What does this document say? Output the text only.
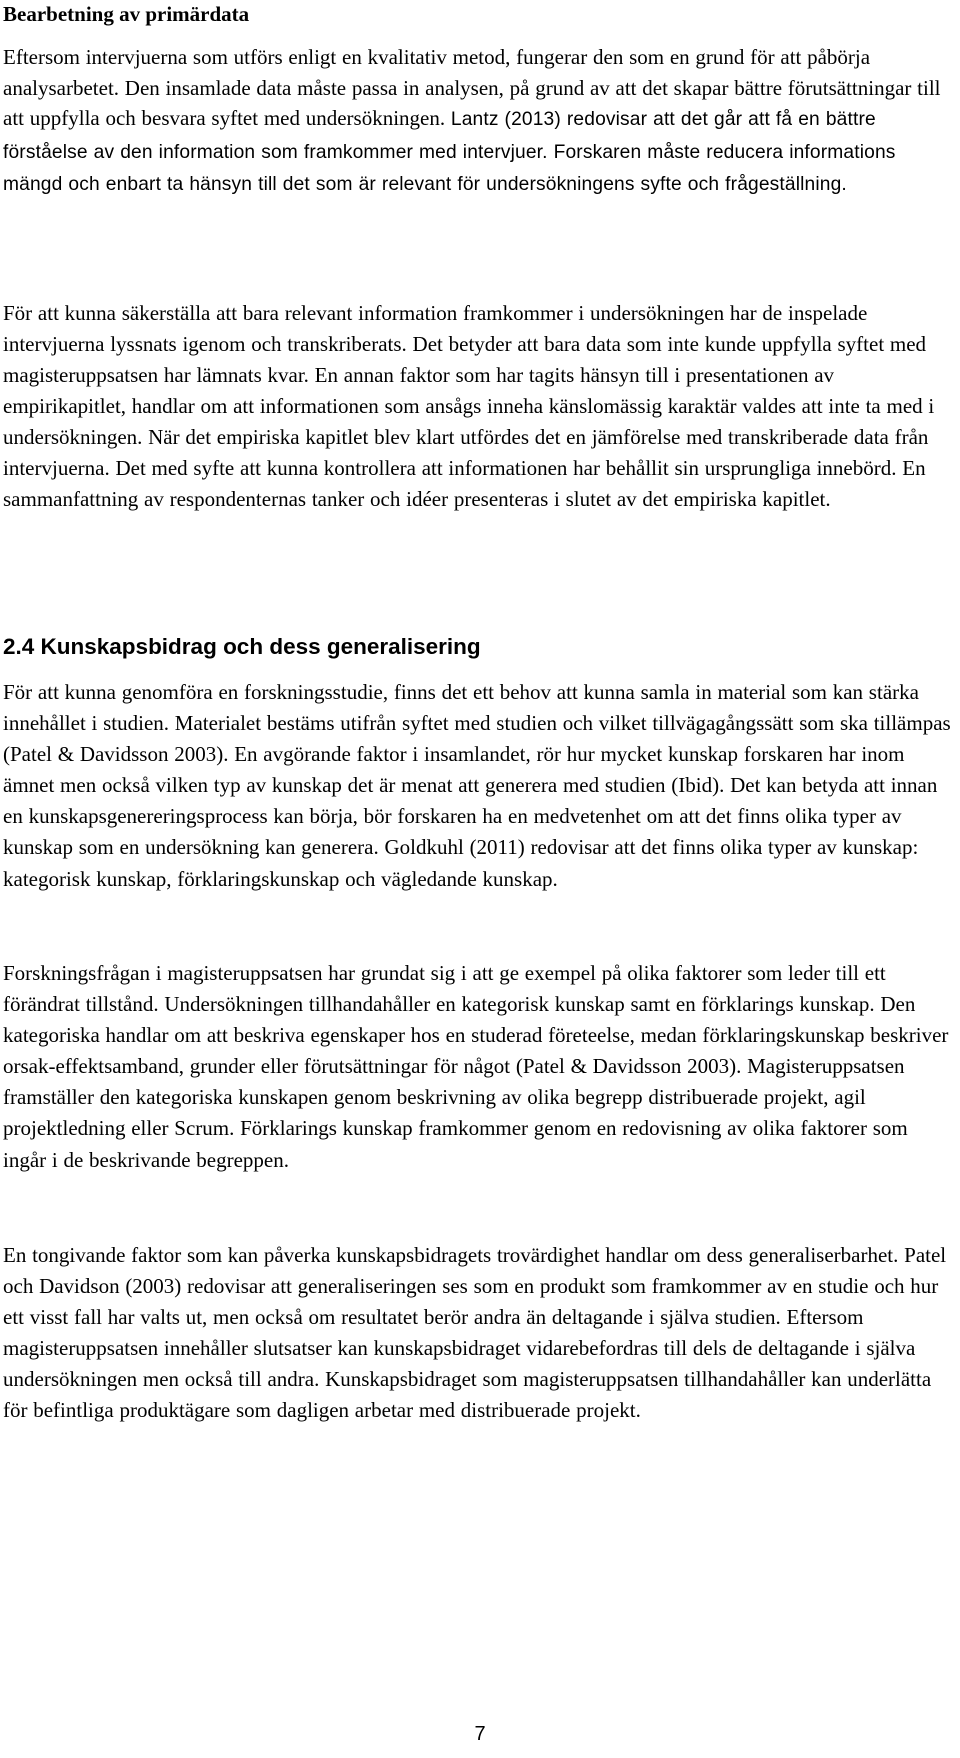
Bearbetning av primärdata

Eftersom intervjuerna som utförs enligt en kvalitativ metod, fungerar den som en grund för att påbörja analysarbetet. Den insamlade data måste passa in analysen, på grund av att det skapar bättre förutsättningar till att uppfylla och besvara syftet med undersökningen. Lantz (2013) redovisar att det går att få en bättre förståelse av den information som framkommer med intervjuer. Forskaren måste reducera informations mängd och enbart ta hänsyn till det som är relevant för undersökningens syfte och frågeställning.

För att kunna säkerställa att bara relevant information framkommer i undersökningen har de inspelade intervjuerna lyssnats igenom och transkriberats. Det betyder att bara data som inte kunde uppfylla syftet med magisteruppsatsen har lämnats kvar. En annan faktor som har tagits hänsyn till i presentationen av empirikapitlet, handlar om att informationen som ansågs inneha känslomässig karaktär valdes att inte ta med i undersökningen. När det empiriska kapitlet blev klart utfördes det en jämförelse med transkriberade data från intervjuerna. Det med syfte att kunna kontrollera att informationen har behållit sin ursprungliga innebörd. En sammanfattning av respondenternas tanker och idéer presenteras i slutet av det empiriska kapitlet.

2.4 Kunskapsbidrag och dess generalisering

För att kunna genomföra en forskningsstudie, finns det ett behov att kunna samla in material som kan stärka innehållet i studien. Materialet bestäms utifrån syftet med studien och vilket tillvägagångssätt som ska tillämpas (Patel & Davidsson 2003). En avgörande faktor i insamlandet, rör hur mycket kunskap forskaren har inom ämnet men också vilken typ av kunskap det är menat att generera med studien (Ibid). Det kan betyda att innan en kunskapsgenereringsprocess kan börja, bör forskaren ha en medvetenhet om att det finns olika typer av kunskap som en undersökning kan generera. Goldkuhl (2011) redovisar att det finns olika typer av kunskap: kategorisk kunskap, förklaringskunskap och vägledande kunskap.

Forskningsfrågan i magisteruppsatsen har grundat sig i att ge exempel på olika faktorer som leder till ett förändrat tillstånd. Undersökningen tillhandahåller en kategorisk kunskap samt en förklarings kunskap. Den kategoriska handlar om att beskriva egenskaper hos en studerad företeelse, medan förklaringskunskap beskriver orsak-effektsamband, grunder eller förutsättningar för något (Patel & Davidsson 2003). Magisteruppsatsen framställer den kategoriska kunskapen genom beskrivning av olika begrepp distribuerade projekt, agil projektledning eller Scrum. Förklarings kunskap framkommer genom en redovisning av olika faktorer som ingår i de beskrivande begreppen.

En tongivande faktor som kan påverka kunskapsbidragets trovärdighet handlar om dess generaliserbarhet. Patel och Davidson (2003) redovisar att generaliseringen ses som en produkt som framkommer av en studie och hur ett visst fall har valts ut, men också om resultatet berör andra än deltagande i själva studien. Eftersom magisteruppsatsen innehåller slutsatser kan kunskapsbidraget vidarebefordras till dels de deltagande i själva undersökningen men också till andra. Kunskapsbidraget som magisteruppsatsen tillhandahåller kan underlätta för befintliga produktägare som dagligen arbetar med distribuerade projekt.

7
